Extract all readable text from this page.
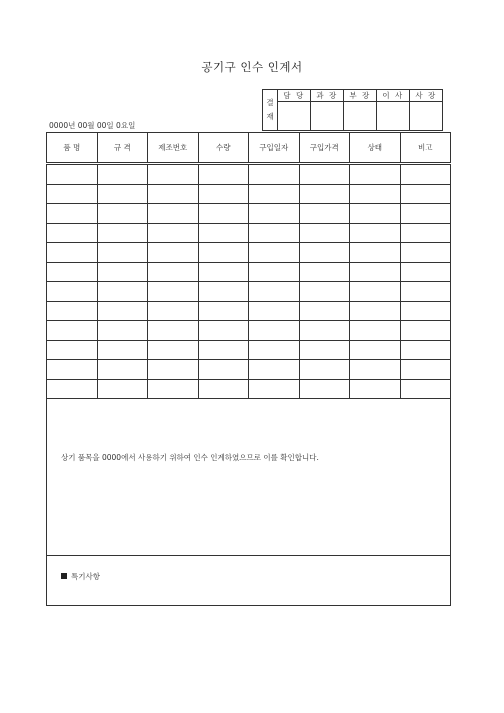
공기구 인수 인계서
결
재	담 당	과 장	부 장	이 사	사 장

0000년 00월 00일 0요일
품 명	규 격	제조번호	수량	구입일자	구입가격	상태	비고

상기 품목을 0000에서 사용하기 위하여 인수 인계하였으므로 이를 확인합니다.
특기사항
